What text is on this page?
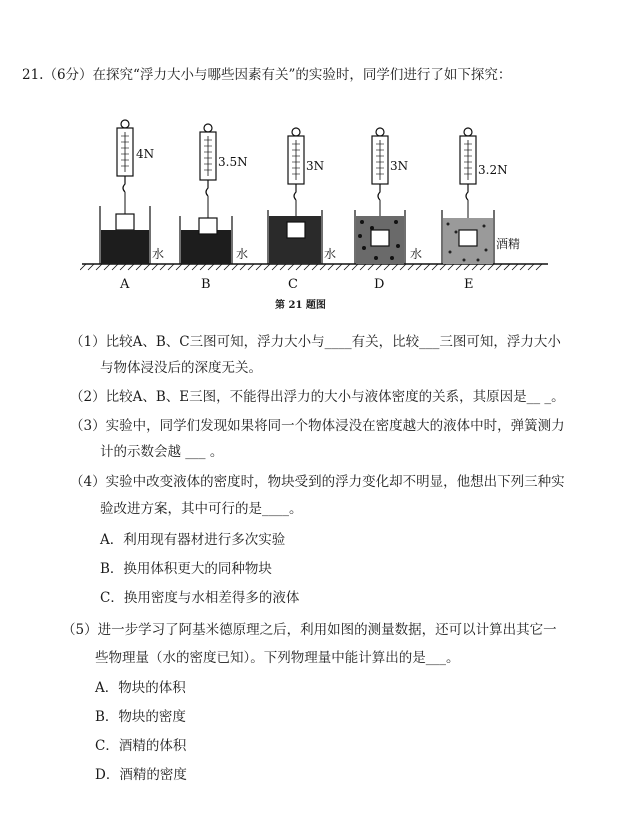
21.（6分）在探究“浮力大小与哪些因素有关”的实验时，同学们进行了如下探究：
4N
水
A
3.5N
水
B
3N
水
C
3N
水
D
3.2N
酒精
E
第 21 题图
（1）比较A、B、C三图可知，浮力大小与____有关，比较___三图可知，浮力大小
与物体浸没后的深度无关。
（2）比较A、B、E三图，不能得出浮力的大小与液体密度的关系，其原因是__ _。
（3）实验中，同学们发现如果将同一个物体浸没在密度越大的液体中时，弹簧测力
计的示数会越 ___ 。
（4）实验中改变液体的密度时，物块受到的浮力变化却不明显，他想出下列三种实
验改进方案，其中可行的是____。
A．利用现有器材进行多次实验
B．换用体积更大的同种物块
C．换用密度与水相差得多的液体
（5）进一步学习了阿基米德原理之后，利用如图的测量数据，还可以计算出其它一
些物理量（水的密度已知）。下列物理量中能计算出的是___。
A．物块的体积
B．物块的密度
C．酒精的体积
D．酒精的密度
